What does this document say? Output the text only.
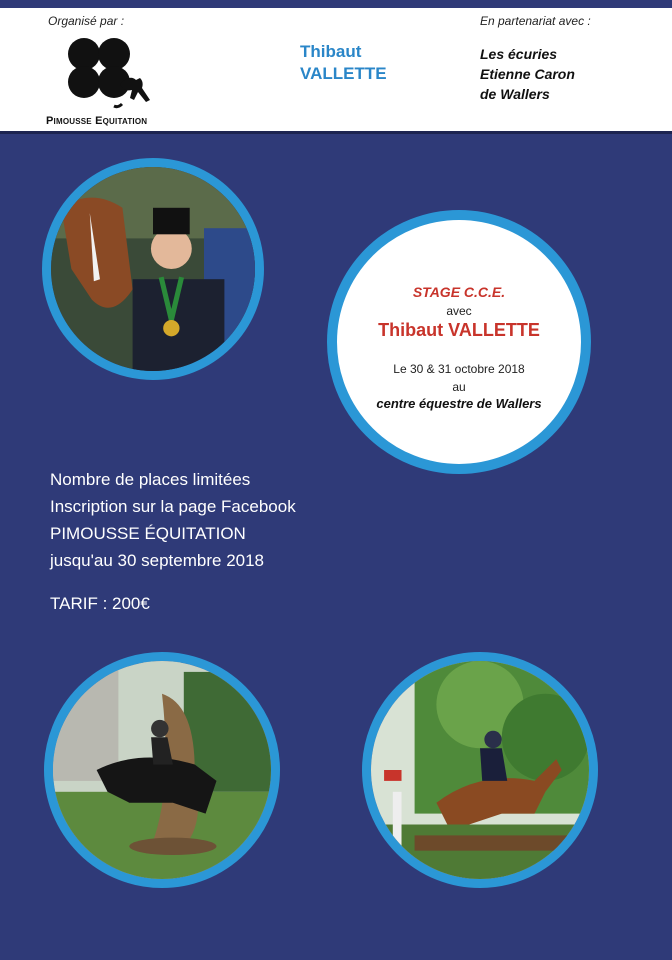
Organisé par :
Pimousse Equitation
Thibaut
VALLETTE
En partenariat avec :
Les écuries
Etienne Caron
de Wallers
STAGE C.C.E.
avec
Thibaut VALLETTE
Le 30 & 31 octobre 2018
au
centre équestre de Wallers
Nombre de places limitées
Inscription sur la page Facebook
PIMOUSSE ÉQUITATION
jusqu'au 30 septembre 2018
TARIF : 200€
